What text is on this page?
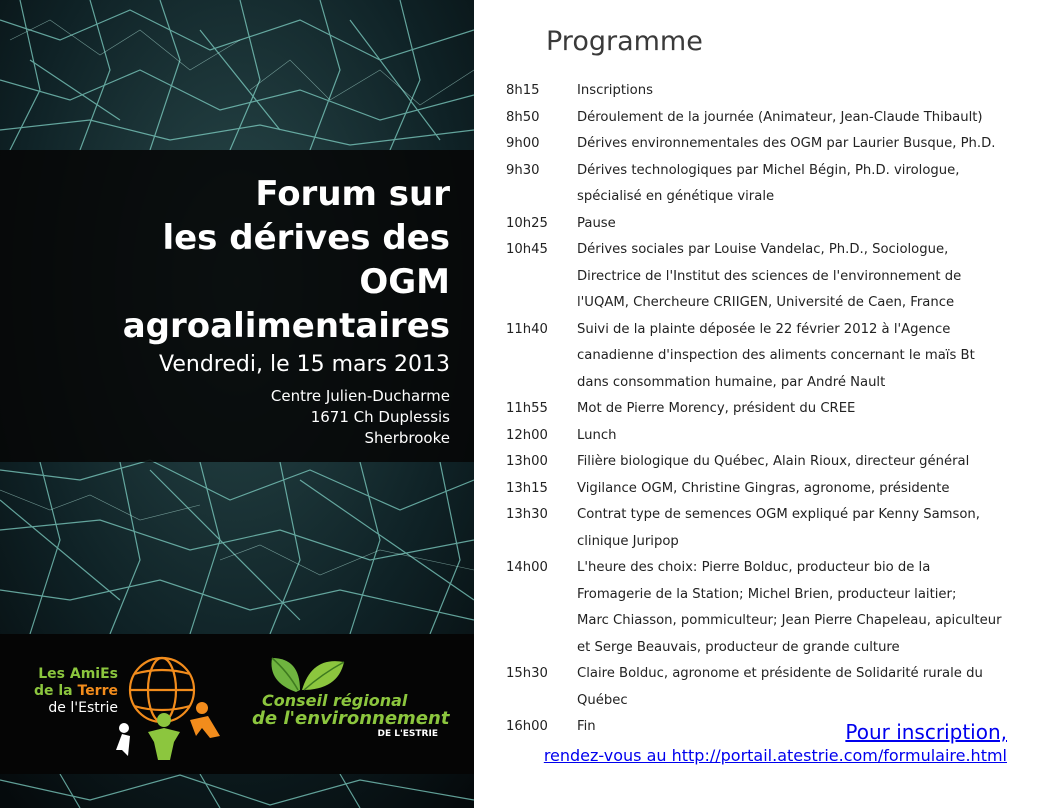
Forum sur
les dérives des
OGM
agroalimentaires
Vendredi, le 15 mars 2013
Centre Julien-Ducharme
1671 Ch Duplessis
Sherbrooke
Les AmiEs
de la Terre
de l'Estrie	Conseil régional
de l'environnement
DE L'ESTRIE
Programme
8h15	Inscriptions
8h50	Déroulement de la journée (Animateur, Jean-Claude Thibault)
9h00	Dérives environnementales des OGM par Laurier Busque, Ph.D.
9h30	Dérives technologiques par Michel Bégin, Ph.D. virologue,
spécialisé en génétique virale
10h25	Pause
10h45	Dérives sociales par Louise Vandelac, Ph.D., Sociologue,
Directrice de l'Institut des sciences de l'environnement de
l'UQAM, Chercheure CRIIGEN, Université de Caen, France
11h40	Suivi de la plainte déposée le 22 février 2012 à l'Agence
canadienne d'inspection des aliments concernant le maïs Bt
dans consommation humaine, par André Nault
11h55	Mot de Pierre Morency, président du CREE
12h00	Lunch
13h00	Filière biologique du Québec, Alain Rioux, directeur général
13h15	Vigilance OGM, Christine Gingras, agronome, présidente
13h30	Contrat type de semences OGM expliqué par Kenny Samson,
clinique Juripop
14h00	L'heure des choix: Pierre Bolduc, producteur bio de la
Fromagerie de la Station; Michel Brien, producteur laitier;
Marc Chiasson, pommiculteur; Jean Pierre Chapeleau, apiculteur
et Serge Beauvais, producteur de grande culture
15h30	Claire Bolduc, agronome et présidente de Solidarité rurale du
Québec
16h00	Fin	Pour inscription,
rendez-vous au http://portail.atestrie.com/formulaire.html
